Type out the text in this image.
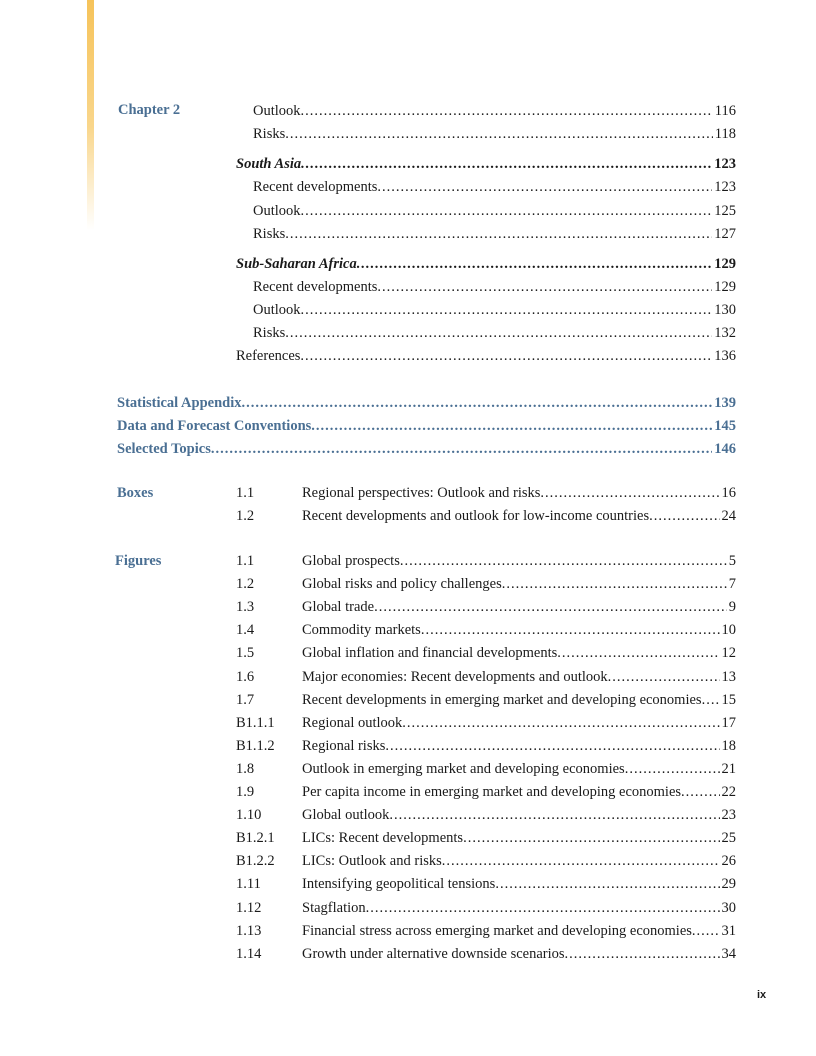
Chapter 2	Outlook .....	116
Risks .....	118
South Asia .....	123
Recent developments .....	123
Outlook .....	125
Risks .....	127
Sub-Saharan Africa .....	129
Recent developments .....	129
Outlook .....	130
Risks .....	132
References .....	136
Statistical Appendix .....	139
Data and Forecast Conventions .....	145
Selected Topics .....	146
Boxes	1.1	Regional perspectives: Outlook and risks .....	16
1.2	Recent developments and outlook for low-income countries .....	24
Figures	1.1	Global prospects .....	5
1.2	Global risks and policy challenges .....	7
1.3	Global trade .....	9
1.4	Commodity markets .....	10
1.5	Global inflation and financial developments .....	12
1.6	Major economies: Recent developments and outlook .....	13
1.7	Recent developments in emerging market and developing economies ..... 15
B1.1.1 Regional outlook .....	17
B1.1.2 Regional risks .....	18
1.8	Outlook in emerging market and developing economies .....	21
1.9	Per capita income in emerging market and developing economies .....	22
1.10	Global outlook .....	23
B1.2.1 LICs: Recent developments .....	25
B1.2.2 LICs: Outlook and risks .....	26
1.11	Intensifying geopolitical tensions .....	29
1.12	Stagflation .....	30
1.13	Financial stress across emerging market and developing economies ..... 31
1.14	Growth under alternative downside scenarios .....	34
ix
